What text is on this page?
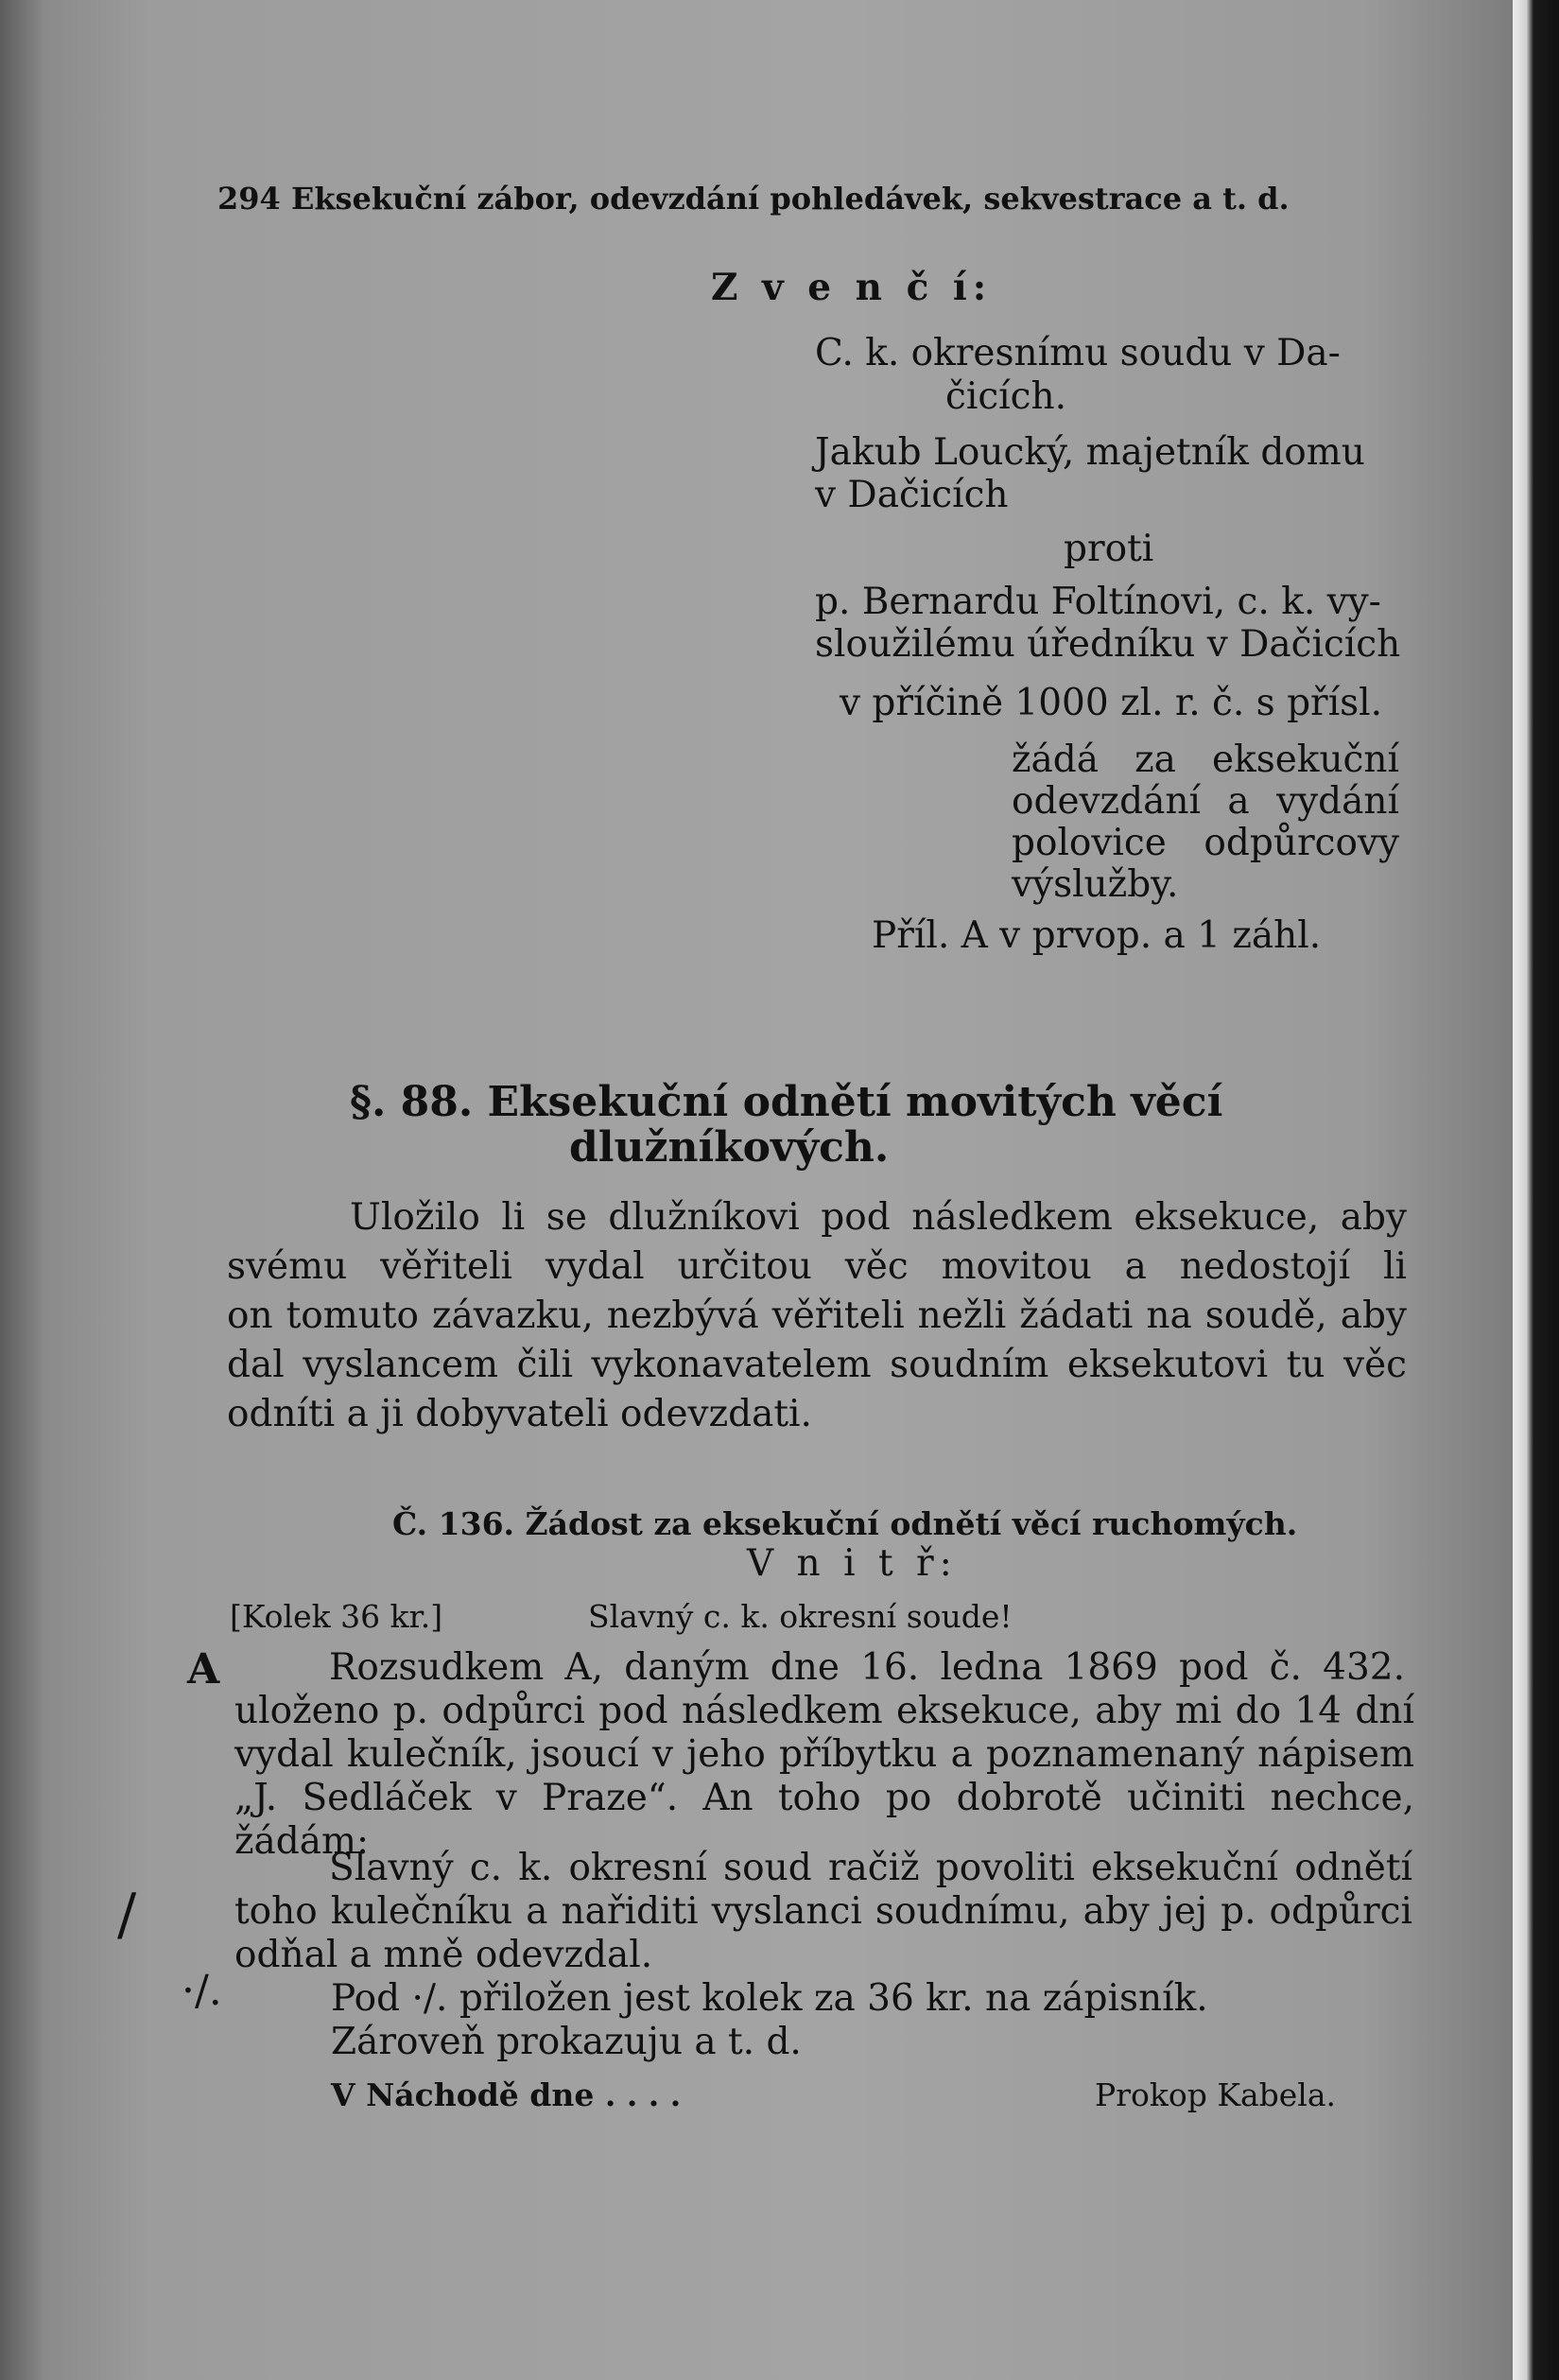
294 Eksekuční zábor, odevzdání pohledávek, sekvestrace a t. d.
Z v e n č í:
C. k. okresnímu soudu v Da-
čicích.
Jakub Loucký, majetník domu
v Dačicích
proti
p. Bernardu Foltínovi, c. k. vy-
sloužilému úředníku v Dačicích
v příčině 1000 zl. r. č. s přísl.
žádá za eksekuční
odevzdání a vydání
polovice odpůrcovy
výslužby.
Příl. A v prvop. a 1 záhl.
§. 88. Eksekuční odnětí movitých věcí
dlužníkových.
Uložilo li se dlužníkovi pod následkem eksekuce, aby
svému věřiteli vydal určitou věc movitou a nedostojí li
on tomuto závazku, nezbývá věřiteli nežli žádati na soudě, aby
dal vyslancem čili vykonavatelem soudním eksekutovi tu věc
odníti a ji dobyvateli odevzdati.
Č. 136. Žádost za eksekuční odnětí věcí ruchomých.
V n i t ř:
[Kolek 36 kr.]	Slavný c. k. okresní soude!
A	Rozsudkem A, daným dne 16. ledna 1869 pod č. 432.
uloženo p. odpůrci pod následkem eksekuce, aby mi do 14 dní
vydal kulečník, jsoucí v jeho příbytku a poznamenaný nápisem
„J. Sedláček v Praze“. An toho po dobrotě učiniti nechce,
žádám:
Slavný c. k. okresní soud račiž povoliti eksekuční odnětí
/	toho kulečníku a nařiditi vyslanci soudnímu, aby jej p. odpůrci
odňal a mně odevzdal.
·/.	Pod ·/. přiložen jest kolek za 36 kr. na zápisník.
Zároveň prokazuju a t. d.
V Náchodě dne . . . .	Prokop Kabela.
